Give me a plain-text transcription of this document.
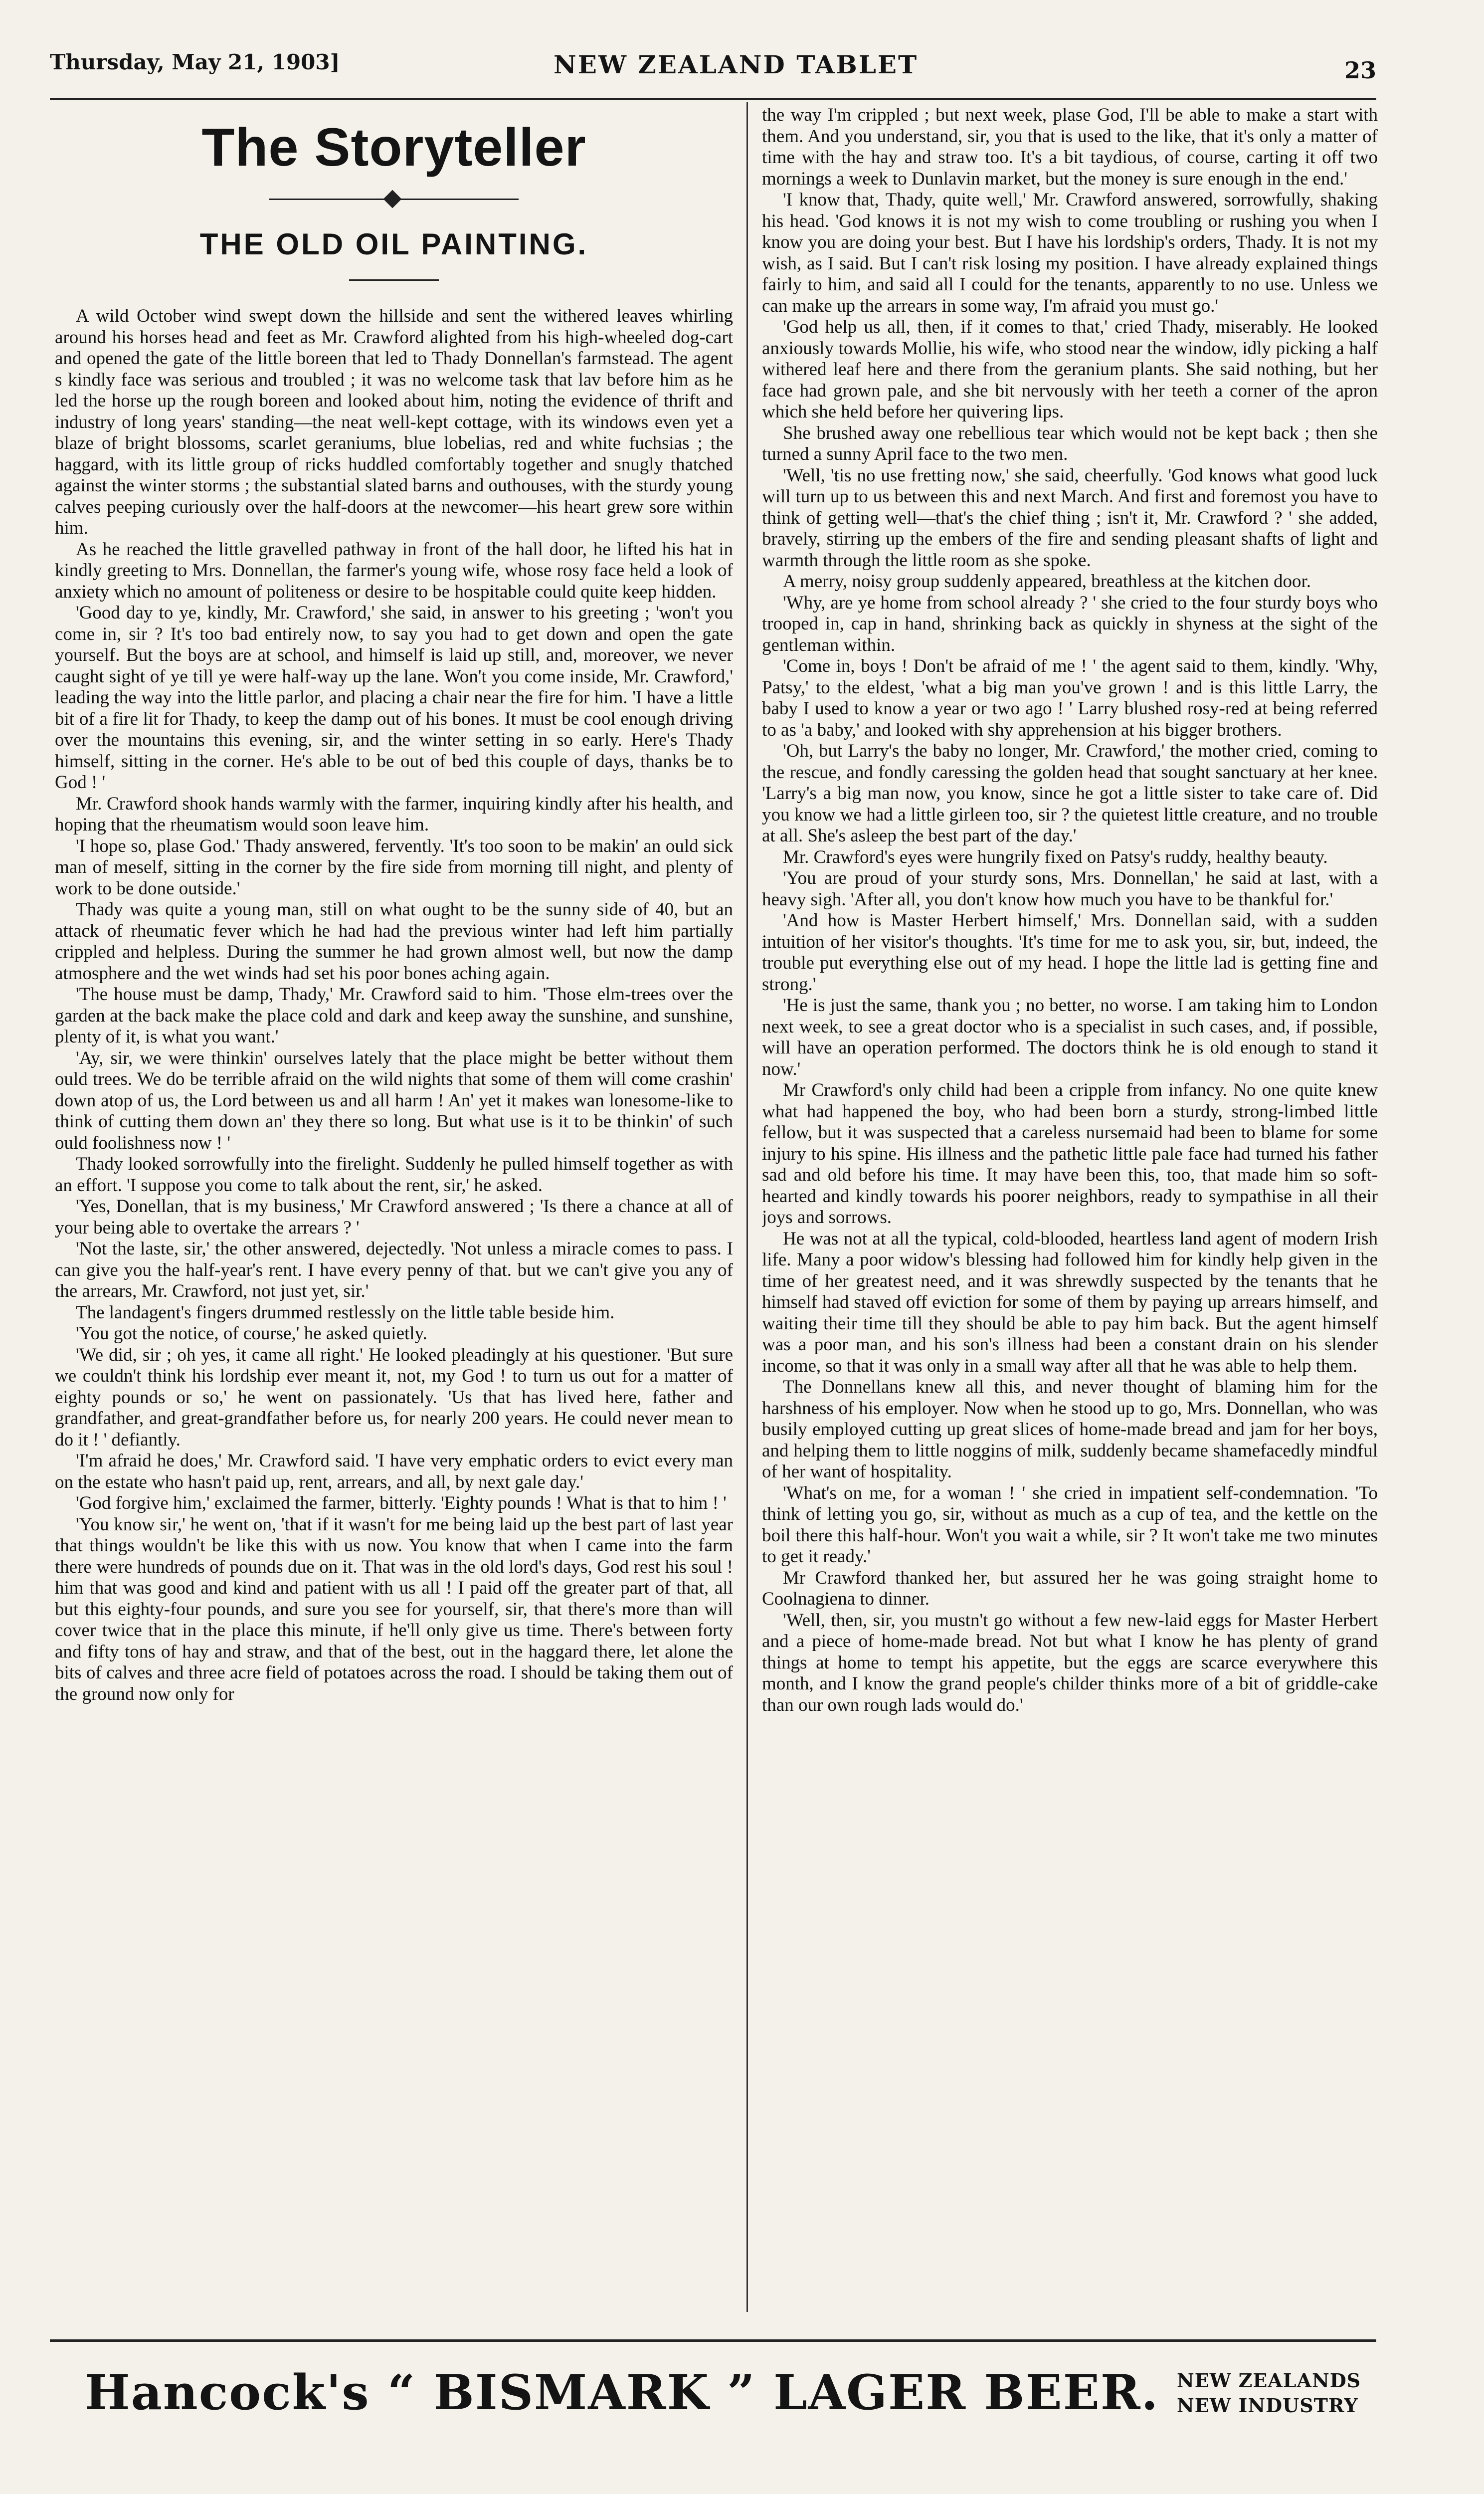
Thursday, May 21, 1903]	NEW ZEALAND TABLET	23
The Storyteller
THE OLD OIL PAINTING.

A wild October wind swept down the hillside and sent the withered leaves whirling around his horses head and feet as Mr. Crawford alighted from his high-wheeled dog-cart and opened the gate of the little boreen that led to Thady Donnellan's farmstead. The agent s kindly face was serious and troubled ; it was no welcome task that lav before him as he led the horse up the rough boreen and looked about him, noting the evidence of thrift and industry of long years' standing—the neat well-kept cottage, with its windows even yet a blaze of bright blossoms, scarlet geraniums, blue lobelias, red and white fuchsias ; the haggard, with its little group of ricks huddled comfortably together and snugly thatched against the winter storms ; the substantial slated barns and outhouses, with the sturdy young calves peeping curiously over the half-doors at the newcomer—his heart grew sore within him.

As he reached the little gravelled pathway in front of the hall door, he lifted his hat in kindly greeting to Mrs. Donnellan, the farmer's young wife, whose rosy face held a look of anxiety which no amount of politeness or desire to be hospitable could quite keep hidden.

'Good day to ye, kindly, Mr. Crawford,' she said, in answer to his greeting ; 'won't you come in, sir ? It's too bad entirely now, to say you had to get down and open the gate yourself. But the boys are at school, and himself is laid up still, and, moreover, we never caught sight of ye till ye were half-way up the lane. Won't you come inside, Mr. Crawford,' leading the way into the little parlor, and placing a chair near the fire for him. 'I have a little bit of a fire lit for Thady, to keep the damp out of his bones. It must be cool enough driving over the mountains this evening, sir, and the winter setting in so early. Here's Thady himself, sitting in the corner. He's able to be out of bed this couple of days, thanks be to God ! '

Mr. Crawford shook hands warmly with the farmer, inquiring kindly after his health, and hoping that the rheumatism would soon leave him.

'I hope so, plase God.' Thady answered, fervently. 'It's too soon to be makin' an ould sick man of meself, sitting in the corner by the fire side from morning till night, and plenty of work to be done outside.'

Thady was quite a young man, still on what ought to be the sunny side of 40, but an attack of rheumatic fever which he had had the previous winter had left him partially crippled and helpless. During the summer he had grown almost well, but now the damp atmosphere and the wet winds had set his poor bones aching again.

'The house must be damp, Thady,' Mr. Crawford said to him. 'Those elm-trees over the garden at the back make the place cold and dark and keep away the sunshine, and sunshine, plenty of it, is what you want.'

'Ay, sir, we were thinkin' ourselves lately that the place might be better without them ould trees. We do be terrible afraid on the wild nights that some of them will come crashin' down atop of us, the Lord between us and all harm ! An' yet it makes wan lonesome-like to think of cutting them down an' they there so long. But what use is it to be thinkin' of such ould foolishness now ! '

Thady looked sorrowfully into the firelight. Suddenly he pulled himself together as with an effort. 'I suppose you come to talk about the rent, sir,' he asked.

'Yes, Donellan, that is my business,' Mr Crawford answered ; 'Is there a chance at all of your being able to overtake the arrears ? '

'Not the laste, sir,' the other answered, dejectedly. 'Not unless a miracle comes to pass. I can give you the half-year's rent. I have every penny of that. but we can't give you any of the arrears, Mr. Crawford, not just yet, sir.'

The landagent's fingers drummed restlessly on the little table beside him.

'You got the notice, of course,' he asked quietly.

'We did, sir ; oh yes, it came all right.' He looked pleadingly at his questioner. 'But sure we couldn't think his lordship ever meant it, not, my God ! to turn us out for a matter of eighty pounds or so,' he went on passionately. 'Us that has lived here, father and grandfather, and great-grandfather before us, for nearly 200 years. He could never mean to do it ! ' defiantly.

'I'm afraid he does,' Mr. Crawford said. 'I have very emphatic orders to evict every man on the estate who hasn't paid up, rent, arrears, and all, by next gale day.'

'God forgive him,' exclaimed the farmer, bitterly. 'Eighty pounds ! What is that to him ! '

'You know sir,' he went on, 'that if it wasn't for me being laid up the best part of last year that things wouldn't be like this with us now. You know that when I came into the farm there were hundreds of pounds due on it. That was in the old lord's days, God rest his soul ! him that was good and kind and patient with us all ! I paid off the greater part of that, all but this eighty-four pounds, and sure you see for yourself, sir, that there's more than will cover twice that in the place this minute, if he'll only give us time. There's between forty and fifty tons of hay and straw, and that of the best, out in the haggard there, let alone the bits of calves and three acre field of potatoes across the road. I should be taking them out of the ground now only for

the way I'm crippled ; but next week, plase God, I'll be able to make a start with them. And you understand, sir, you that is used to the like, that it's only a matter of time with the hay and straw too. It's a bit taydious, of course, carting it off two mornings a week to Dunlavin market, but the money is sure enough in the end.'

'I know that, Thady, quite well,' Mr. Crawford answered, sorrowfully, shaking his head. 'God knows it is not my wish to come troubling or rushing you when I know you are doing your best. But I have his lordship's orders, Thady. It is not my wish, as I said. But I can't risk losing my position. I have already explained things fairly to him, and said all I could for the tenants, apparently to no use. Unless we can make up the arrears in some way, I'm afraid you must go.'

'God help us all, then, if it comes to that,' cried Thady, miserably. He looked anxiously towards Mollie, his wife, who stood near the window, idly picking a half withered leaf here and there from the geranium plants. She said nothing, but her face had grown pale, and she bit nervously with her teeth a corner of the apron which she held before her quivering lips.

She brushed away one rebellious tear which would not be kept back ; then she turned a sunny April face to the two men.

'Well, 'tis no use fretting now,' she said, cheerfully. 'God knows what good luck will turn up to us between this and next March. And first and foremost you have to think of getting well—that's the chief thing ; isn't it, Mr. Crawford ? ' she added, bravely, stirring up the embers of the fire and sending pleasant shafts of light and warmth through the little room as she spoke.

A merry, noisy group suddenly appeared, breathless at the kitchen door.

'Why, are ye home from school already ? ' she cried to the four sturdy boys who trooped in, cap in hand, shrinking back as quickly in shyness at the sight of the gentleman within.

'Come in, boys ! Don't be afraid of me ! ' the agent said to them, kindly. 'Why, Patsy,' to the eldest, 'what a big man you've grown ! and is this little Larry, the baby I used to know a year or two ago ! ' Larry blushed rosy-red at being referred to as 'a baby,' and looked with shy apprehension at his bigger brothers.

'Oh, but Larry's the baby no longer, Mr. Crawford,' the mother cried, coming to the rescue, and fondly caressing the golden head that sought sanctuary at her knee. 'Larry's a big man now, you know, since he got a little sister to take care of. Did you know we had a little girleen too, sir ? the quietest little creature, and no trouble at all. She's asleep the best part of the day.'

Mr. Crawford's eyes were hungrily fixed on Patsy's ruddy, healthy beauty.

'You are proud of your sturdy sons, Mrs. Donnellan,' he said at last, with a heavy sigh. 'After all, you don't know how much you have to be thankful for.'

'And how is Master Herbert himself,' Mrs. Donnellan said, with a sudden intuition of her visitor's thoughts. 'It's time for me to ask you, sir, but, indeed, the trouble put everything else out of my head. I hope the little lad is getting fine and strong.'

'He is just the same, thank you ; no better, no worse. I am taking him to London next week, to see a great doctor who is a specialist in such cases, and, if possible, will have an operation performed. The doctors think he is old enough to stand it now.'

Mr Crawford's only child had been a cripple from infancy. No one quite knew what had happened the boy, who had been born a sturdy, strong-limbed little fellow, but it was suspected that a careless nursemaid had been to blame for some injury to his spine. His illness and the pathetic little pale face had turned his father sad and old before his time. It may have been this, too, that made him so soft-hearted and kindly towards his poorer neighbors, ready to sympathise in all their joys and sorrows.

He was not at all the typical, cold-blooded, heartless land agent of modern Irish life. Many a poor widow's blessing had followed him for kindly help given in the time of her greatest need, and it was shrewdly suspected by the tenants that he himself had staved off eviction for some of them by paying up arrears himself, and waiting their time till they should be able to pay him back. But the agent himself was a poor man, and his son's illness had been a constant drain on his slender income, so that it was only in a small way after all that he was able to help them.

The Donnellans knew all this, and never thought of blaming him for the harshness of his employer. Now when he stood up to go, Mrs. Donnellan, who was busily employed cutting up great slices of home-made bread and jam for her boys, and helping them to little noggins of milk, suddenly became shamefacedly mindful of her want of hospitality.

'What's on me, for a woman ! ' she cried in impatient self-condemnation. 'To think of letting you go, sir, without as much as a cup of tea, and the kettle on the boil there this half-hour. Won't you wait a while, sir ? It won't take me two minutes to get it ready.'

Mr Crawford thanked her, but assured her he was going straight home to Coolnagiena to dinner.

'Well, then, sir, you mustn't go without a few new-laid eggs for Master Herbert and a piece of home-made bread. Not but what I know he has plenty of grand things at home to tempt his appetite, but the eggs are scarce everywhere this month, and I know the grand people's childer thinks more of a bit of griddle-cake than our own rough lads would do.'

Hancock's “ BISMARK ” LAGER BEER. NEW ZEALANDS
NEW INDUSTRY
